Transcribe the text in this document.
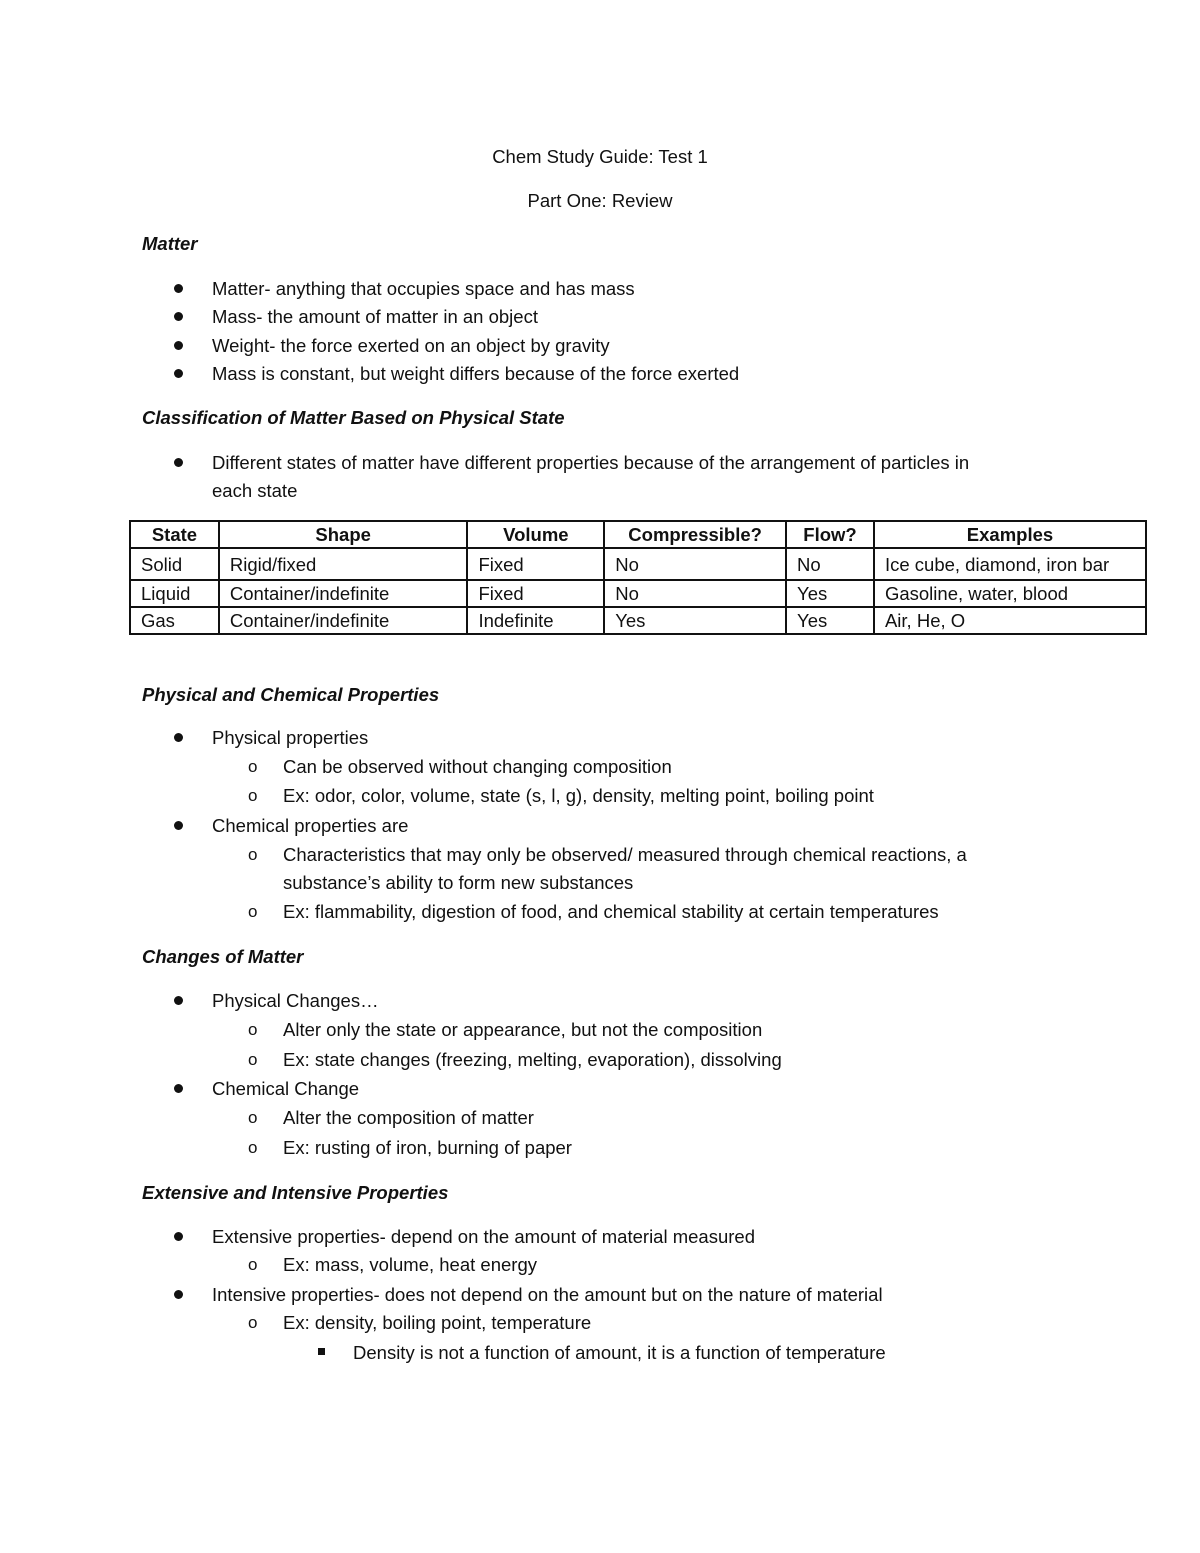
Chem Study Guide: Test 1
Part One: Review
Matter
Matter- anything that occupies space and has mass
Mass- the amount of matter in an object
Weight- the force exerted on an object by gravity
Mass is constant, but weight differs because of the force exerted
Classification of Matter Based on Physical State
Different states of matter have different properties because of the arrangement of particles in
each state
State	Shape	Volume	Compressible?	Flow?	Examples
Solid	Rigid/fixed	Fixed	No	No	Ice cube, diamond, iron bar
Liquid	Container/indefinite	Fixed	No	Yes	Gasoline, water, blood
Gas	Container/indefinite	Indefinite	Yes	Yes	Air, He, O
Physical and Chemical Properties
Physical properties
o Can be observed without changing composition
o Ex: odor, color, volume, state (s, l, g), density, melting point, boiling point
Chemical properties are
o Characteristics that may only be observed/ measured through chemical reactions, a
substance’s ability to form new substances
o Ex: flammability, digestion of food, and chemical stability at certain temperatures
Changes of Matter
Physical Changes…
o Alter only the state or appearance, but not the composition
o Ex: state changes (freezing, melting, evaporation), dissolving
Chemical Change
o Alter the composition of matter
o Ex: rusting of iron, burning of paper
Extensive and Intensive Properties
Extensive properties- depend on the amount of material measured
o Ex: mass, volume, heat energy
Intensive properties- does not depend on the amount but on the nature of material
o Ex: density, boiling point, temperature
Density is not a function of amount, it is a function of temperature
